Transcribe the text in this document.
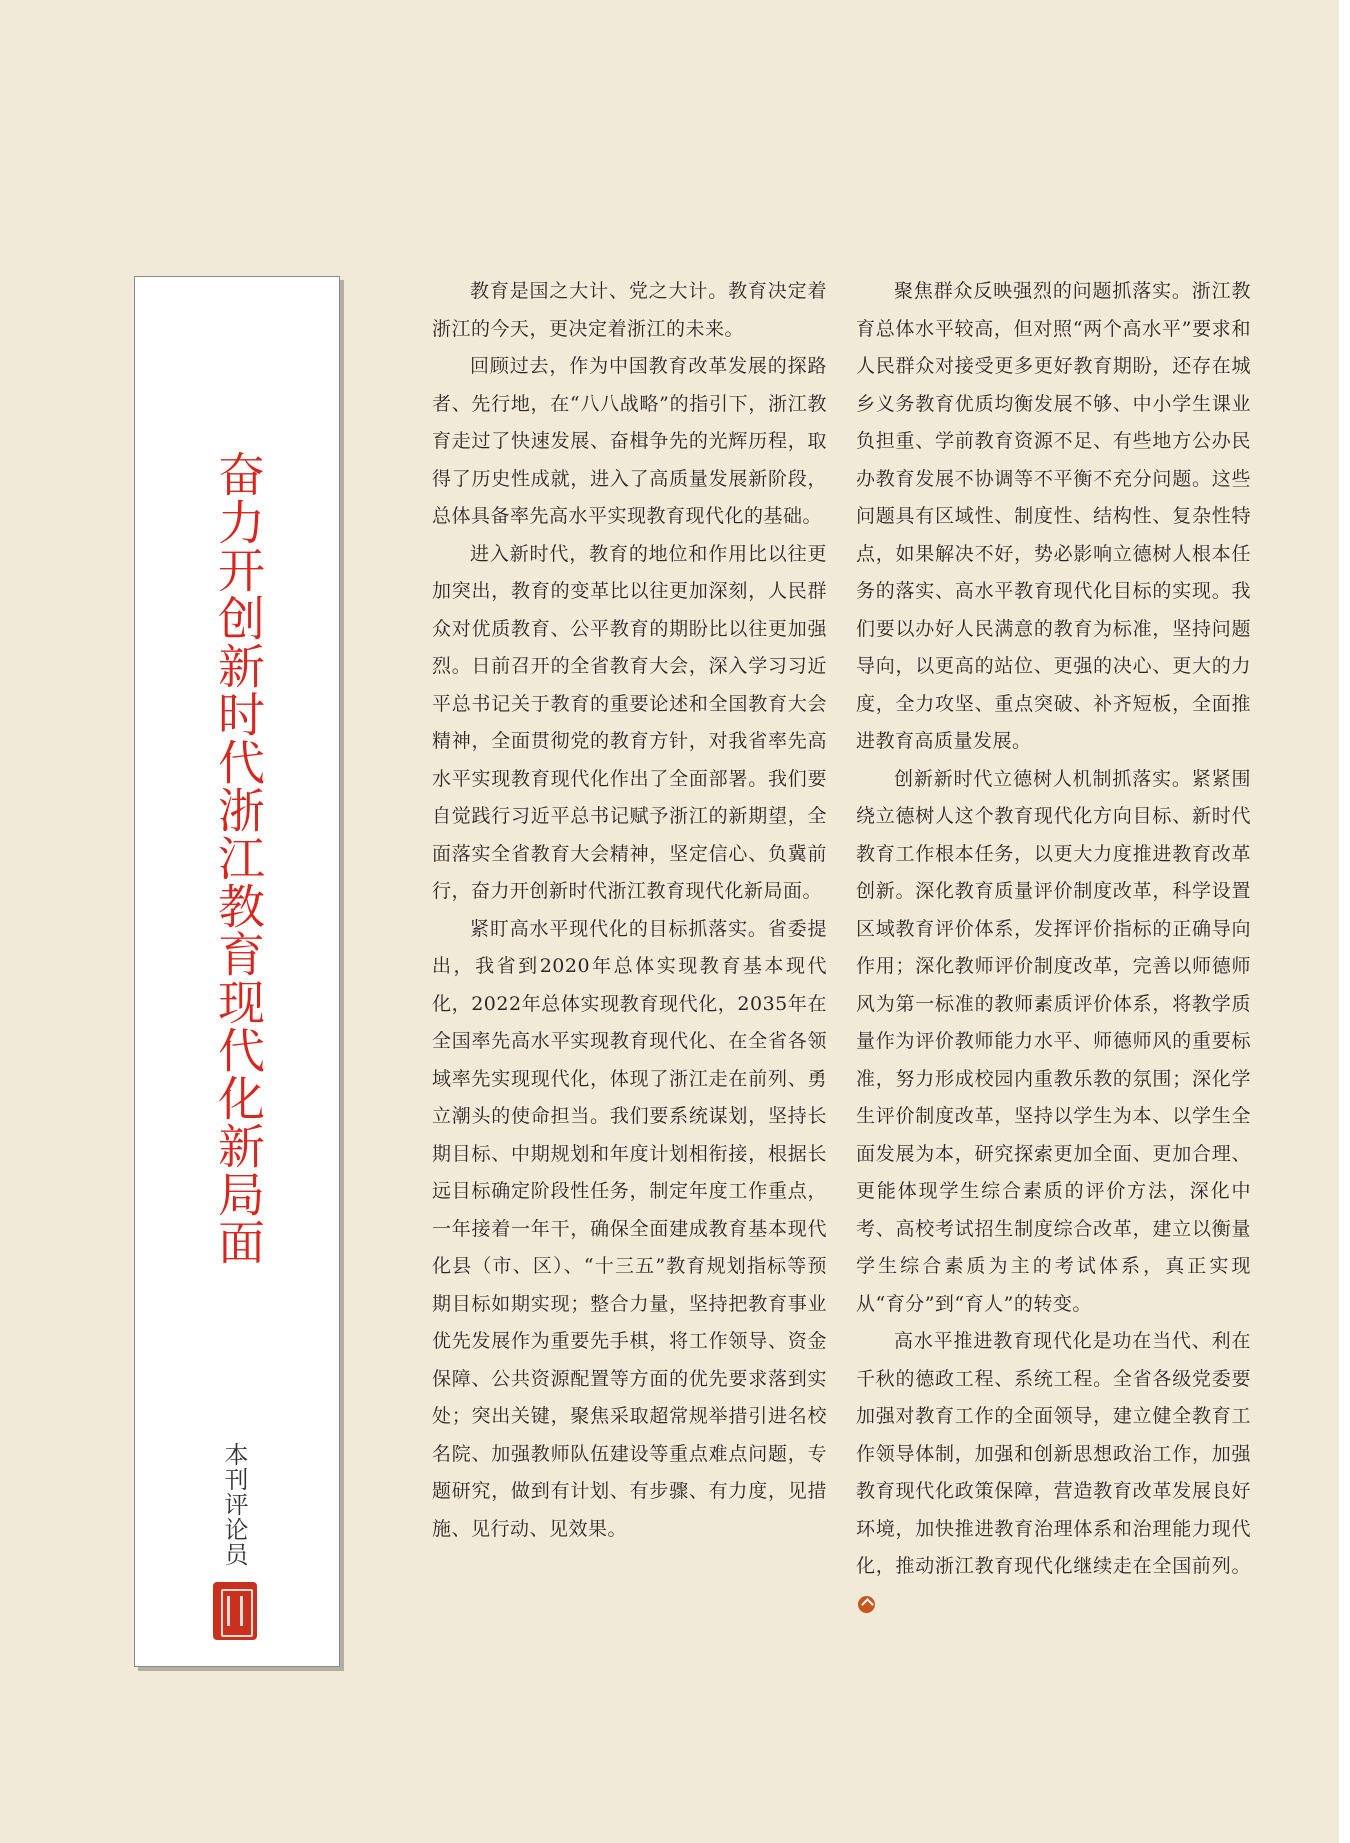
奋力开创新时代浙江教育现代化新局面
本刊评论员

教育是国之大计、党之大计。教育决定着浙江的今天，更决定着浙江的未来。

回顾过去，作为中国教育改革发展的探路者、先行地，在“八八战略”的指引下，浙江教育走过了快速发展、奋楫争先的光辉历程，取得了历史性成就，进入了高质量发展新阶段，总体具备率先高水平实现教育现代化的基础。

进入新时代，教育的地位和作用比以往更加突出，教育的变革比以往更加深刻，人民群众对优质教育、公平教育的期盼比以往更加强烈。日前召开的全省教育大会，深入学习习近平总书记关于教育的重要论述和全国教育大会精神，全面贯彻党的教育方针，对我省率先高水平实现教育现代化作出了全面部署。我们要自觉践行习近平总书记赋予浙江的新期望，全面落实全省教育大会精神，坚定信心、负冀前行，奋力开创新时代浙江教育现代化新局面。

紧盯高水平现代化的目标抓落实。省委提出，我省到2020年总体实现教育基本现代化，2022年总体实现教育现代化，2035年在全国率先高水平实现教育现代化、在全省各领域率先实现现代化，体现了浙江走在前列、勇立潮头的使命担当。我们要系统谋划，坚持长期目标、中期规划和年度计划相衔接，根据长远目标确定阶段性任务，制定年度工作重点，一年接着一年干，确保全面建成教育基本现代化县（市、区）、“十三五”教育规划指标等预期目标如期实现；整合力量，坚持把教育事业优先发展作为重要先手棋，将工作领导、资金保障、公共资源配置等方面的优先要求落到实处；突出关键，聚焦采取超常规举措引进名校名院、加强教师队伍建设等重点难点问题，专题研究，做到有计划、有步骤、有力度，见措施、见行动、见效果。

聚焦群众反映强烈的问题抓落实。浙江教育总体水平较高，但对照“两个高水平”要求和人民群众对接受更多更好教育期盼，还存在城乡义务教育优质均衡发展不够、中小学生课业负担重、学前教育资源不足、有些地方公办民办教育发展不协调等不平衡不充分问题。这些问题具有区域性、制度性、结构性、复杂性特点，如果解决不好，势必影响立德树人根本任务的落实、高水平教育现代化目标的实现。我们要以办好人民满意的教育为标准，坚持问题导向，以更高的站位、更强的决心、更大的力度，全力攻坚、重点突破、补齐短板，全面推进教育高质量发展。

创新新时代立德树人机制抓落实。紧紧围绕立德树人这个教育现代化方向目标、新时代教育工作根本任务，以更大力度推进教育改革创新。深化教育质量评价制度改革，科学设置区域教育评价体系，发挥评价指标的正确导向作用；深化教师评价制度改革，完善以师德师风为第一标准的教师素质评价体系，将教学质量作为评价教师能力水平、师德师风的重要标准，努力形成校园内重教乐教的氛围；深化学生评价制度改革，坚持以学生为本、以学生全面发展为本，研究探索更加全面、更加合理、更能体现学生综合素质的评价方法，深化中考、高校考试招生制度综合改革，建立以衡量学生综合素质为主的考试体系，真正实现从“育分”到“育人”的转变。

高水平推进教育现代化是功在当代、利在千秋的德政工程、系统工程。全省各级党委要加强对教育工作的全面领导，建立健全教育工作领导体制，加强和创新思想政治工作，加强教育现代化政策保障，营造教育改革发展良好环境，加快推进教育治理体系和治理能力现代化，推动浙江教育现代化继续走在全国前列。
